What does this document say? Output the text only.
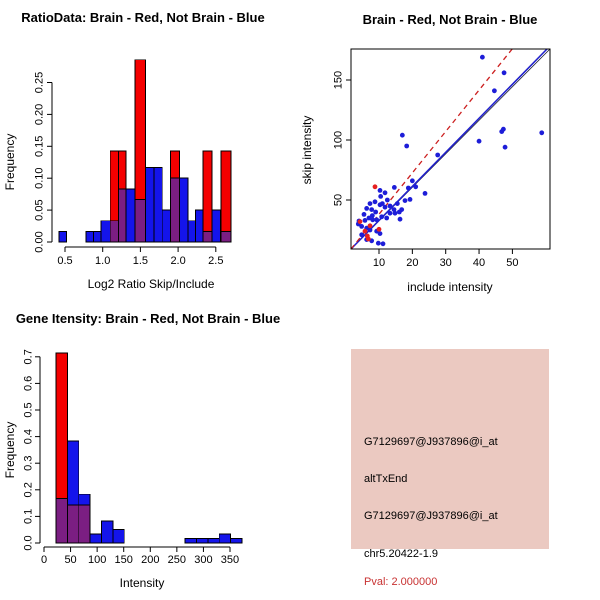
RatioData: Brain - Red, Not Brain - Blue
Log2 Ratio Skip/Include
Frequency
0.00
0.05
0.10
0.15
0.20
0.25
0.5 1.0 1.5 2.0 2.5
Brain - Red, Not Brain - Blue
include intensity
skip intensity
10 20 30 40 50
50
100
150
Gene Itensity: Brain - Red, Not Brain - Blue
Intensity
Frequency
0.0
0.1
0.2
0.3
0.4
0.5
0.6
0.7
0 50 100 150 200 250 300 350
G7129697@J937896@i_at
altTxEnd
G7129697@J937896@i_at
chr5.20422-1.9
Pval: 2.000000
